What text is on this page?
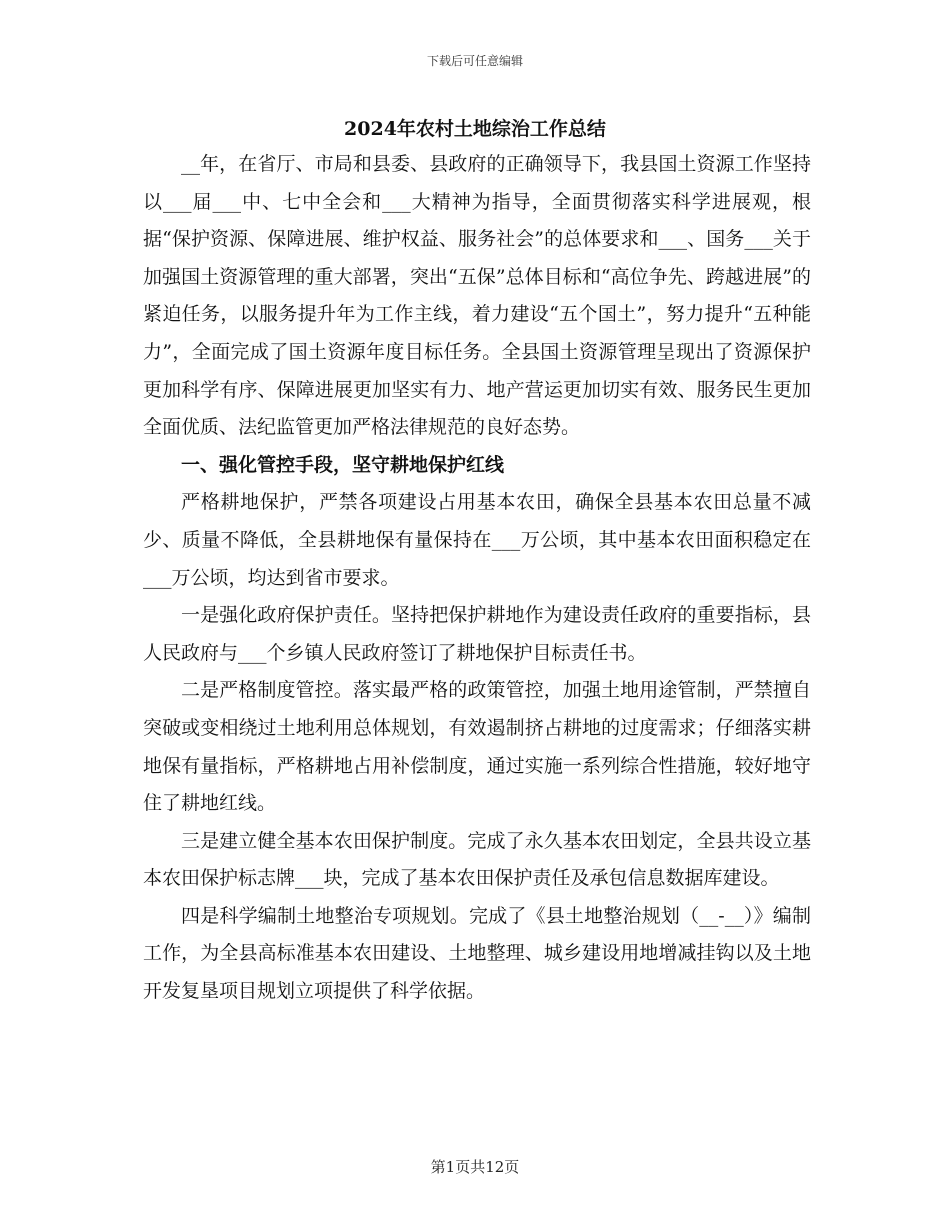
下载后可任意编辑
2024年农村土地综治工作总结

__年，在省厅、市局和县委、县政府的正确领导下，我县国土资源工作坚持以___届___中、七中全会和___大精神为指导，全面贯彻落实科学进展观，根据“保护资源、保障进展、维护权益、服务社会”的总体要求和___、国务___关于加强国土资源管理的重大部署，突出“五保”总体目标和“高位争先、跨越进展”的紧迫任务，以服务提升年为工作主线，着力建设“五个国土”，努力提升“五种能力”，全面完成了国土资源年度目标任务。全县国土资源管理呈现出了资源保护更加科学有序、保障进展更加坚实有力、地产营运更加切实有效、服务民生更加全面优质、法纪监管更加严格法律规范的良好态势。

一、强化管控手段，坚守耕地保护红线

严格耕地保护，严禁各项建设占用基本农田，确保全县基本农田总量不减少、质量不降低，全县耕地保有量保持在___万公顷，其中基本农田面积稳定在___万公顷，均达到省市要求。

一是强化政府保护责任。坚持把保护耕地作为建设责任政府的重要指标，县人民政府与___个乡镇人民政府签订了耕地保护目标责任书。

二是严格制度管控。落实最严格的政策管控，加强土地用途管制，严禁擅自突破或变相绕过土地利用总体规划，有效遏制挤占耕地的过度需求；仔细落实耕地保有量指标，严格耕地占用补偿制度，通过实施一系列综合性措施，较好地守住了耕地红线。

三是建立健全基本农田保护制度。完成了永久基本农田划定，全县共设立基本农田保护标志牌___块，完成了基本农田保护责任及承包信息数据库建设。

四是科学编制土地整治专项规划。完成了《县土地整治规划（__-__）》编制工作，为全县高标准基本农田建设、土地整理、城乡建设用地增减挂钩以及土地开发复垦项目规划立项提供了科学依据。

第1页共12页
